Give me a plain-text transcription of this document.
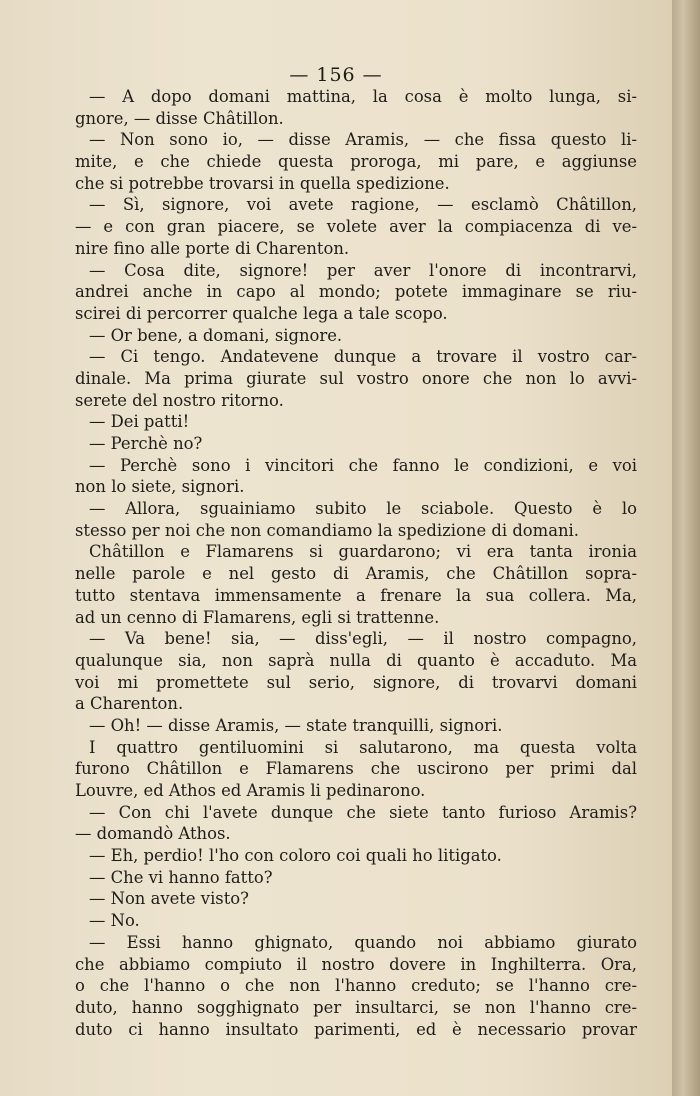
— 156 —
— A dopo domani mattina, la cosa è molto lunga, si-
gnore, — disse Châtillon.
— Non sono io, — disse Aramis, — che fissa questo li-
mite, e che chiede questa proroga, mi pare, e aggiunse
che si potrebbe trovarsi in quella spedizione.
— Sì, signore, voi avete ragione, — esclamò Châtillon,
— e con gran piacere, se volete aver la compiacenza di ve-
nire fino alle porte di Charenton.
— Cosa dite, signore! per aver l'onore di incontrarvi,
andrei anche in capo al mondo; potete immaginare se riu-
scirei di percorrer qualche lega a tale scopo.
— Or bene, a domani, signore.
— Ci tengo. Andatevene dunque a trovare il vostro car-
dinale. Ma prima giurate sul vostro onore che non lo avvi-
serete del nostro ritorno.
— Dei patti!
— Perchè no?
— Perchè sono i vincitori che fanno le condizioni, e voi
non lo siete, signori.
— Allora, sguainiamo subito le sciabole. Questo è lo
stesso per noi che non comandiamo la spedizione di domani.
Châtillon e Flamarens si guardarono; vi era tanta ironia
nelle parole e nel gesto di Aramis, che Châtillon sopra-
tutto stentava immensamente a frenare la sua collera. Ma,
ad un cenno di Flamarens, egli si trattenne.
— Va bene! sia, — diss'egli, — il nostro compagno,
qualunque sia, non saprà nulla di quanto è accaduto. Ma
voi mi promettete sul serio, signore, di trovarvi domani
a Charenton.
— Oh! — disse Aramis, — state tranquilli, signori.
I quattro gentiluomini si salutarono, ma questa volta
furono Châtillon e Flamarens che uscirono per primi dal
Louvre, ed Athos ed Aramis li pedinarono.
— Con chi l'avete dunque che siete tanto furioso Aramis?
— domandò Athos.
— Eh, perdio! l'ho con coloro coi quali ho litigato.
— Che vi hanno fatto?
— Non avete visto?
— No.
— Essi hanno ghignato, quando noi abbiamo giurato
che abbiamo compiuto il nostro dovere in Inghilterra. Ora,
o che l'hanno o che non l'hanno creduto; se l'hanno cre-
duto, hanno sogghignato per insultarci, se non l'hanno cre-
duto ci hanno insultato parimenti, ed è necessario provar
